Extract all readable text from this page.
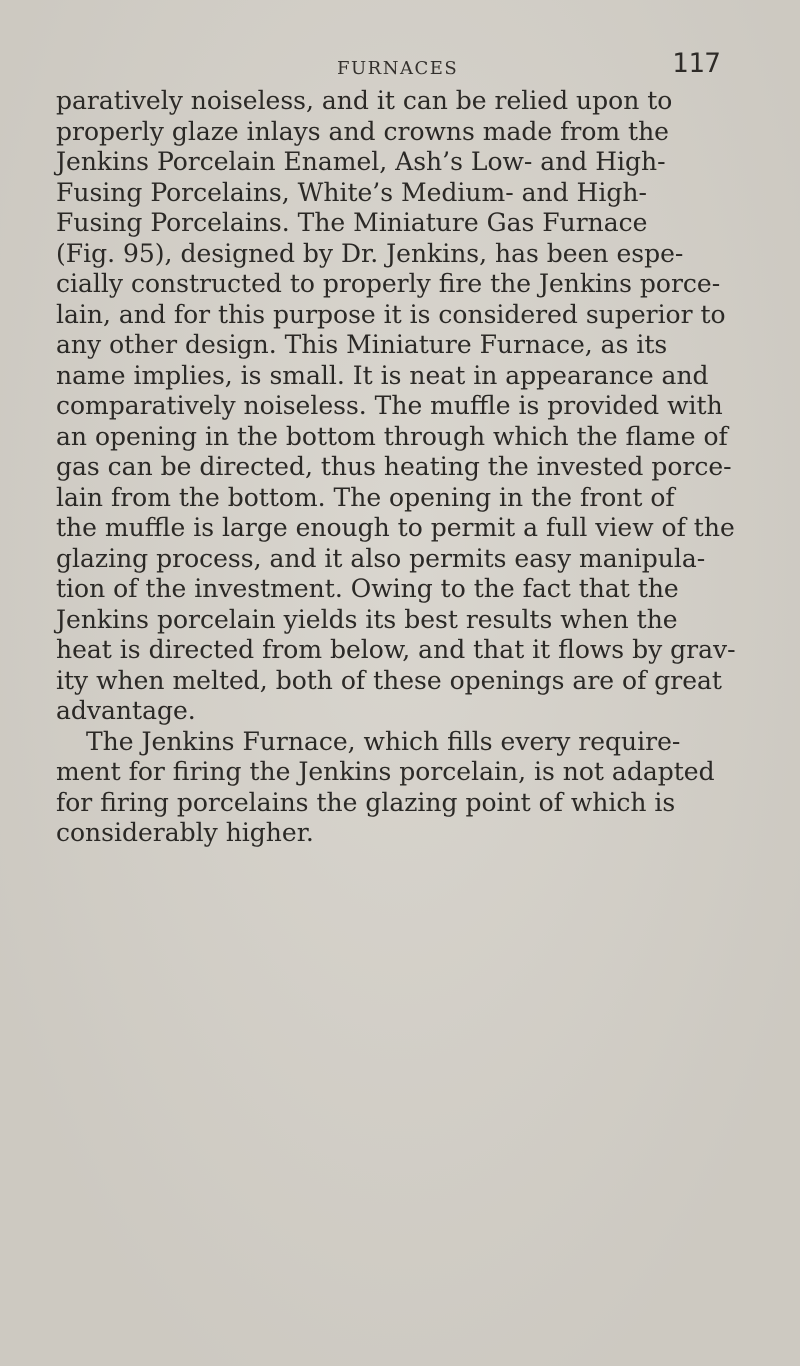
FURNACES	117
paratively noiseless, and it can be relied upon to
properly glaze inlays and crowns made from the
Jenkins Porcelain Enamel, Ash’s Low- and High-
Fusing Porcelains, White’s Medium- and High-
Fusing Porcelains. The Miniature Gas Furnace
(Fig. 95), designed by Dr. Jenkins, has been espe-
cially constructed to properly fire the Jenkins porce-
lain, and for this purpose it is considered superior to
any other design. This Miniature Furnace, as its
name implies, is small. It is neat in appearance and
comparatively noiseless. The muffle is provided with
an opening in the bottom through which the flame of
gas can be directed, thus heating the invested porce-
lain from the bottom. The opening in the front of
the muffle is large enough to permit a full view of the
glazing process, and it also permits easy manipula-
tion of the investment. Owing to the fact that the
Jenkins porcelain yields its best results when the
heat is directed from below, and that it flows by grav-
ity when melted, both of these openings are of great
advantage.
The Jenkins Furnace, which fills every require-
ment for firing the Jenkins porcelain, is not adapted
for firing porcelains the glazing point of which is
considerably higher.
